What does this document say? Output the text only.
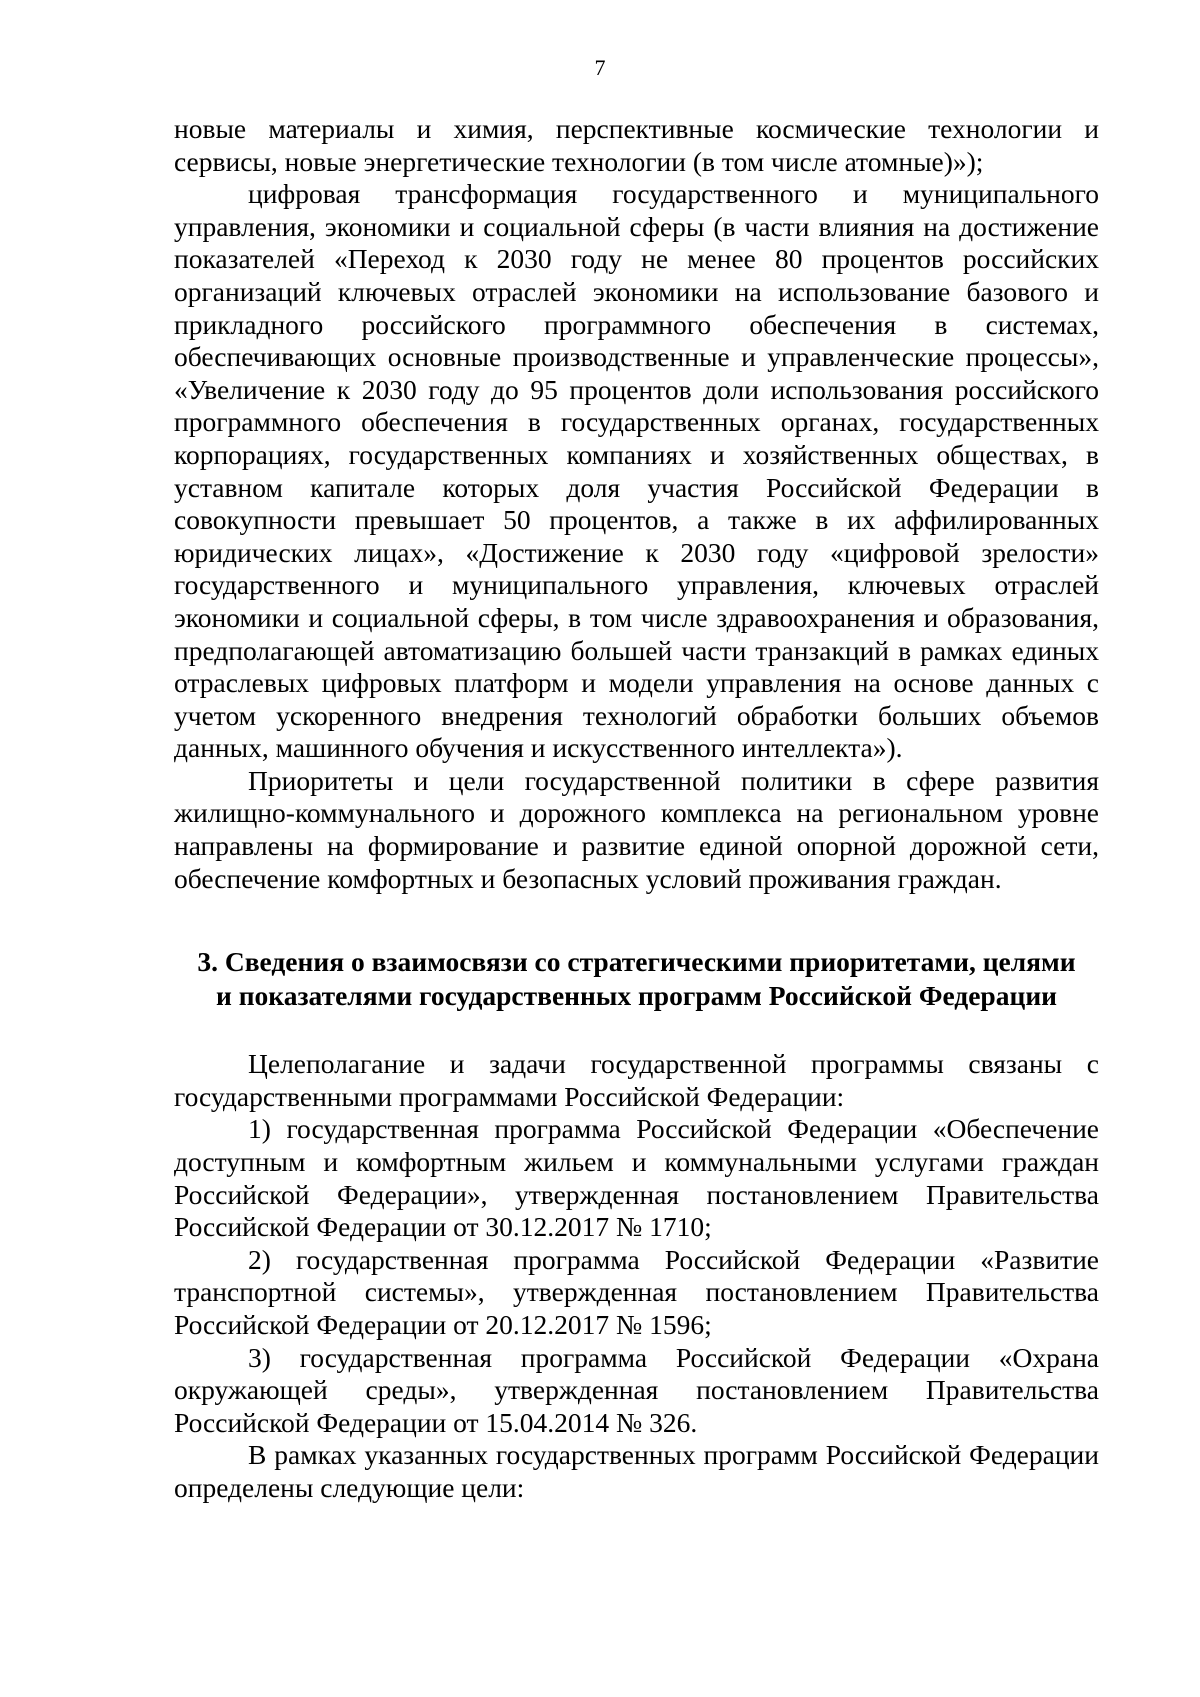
7

новые материалы и химия, перспективные космические технологии и сервисы, новые энергетические технологии (в том числе атомные)»);

цифровая трансформация государственного и муниципального управления, экономики и социальной сферы (в части влияния на достижение показателей «Переход к 2030 году не менее 80 процентов российских организаций ключевых отраслей экономики на использование базового и прикладного российского программного обеспечения в системах, обеспечивающих основные производственные и управленческие процессы», «Увеличение к 2030 году до 95 процентов доли использования российского программного обеспечения в государственных органах, государственных корпорациях, государственных компаниях и хозяйственных обществах, в уставном капитале которых доля участия Российской Федерации в совокупности превышает 50 процентов, а также в их аффилированных юридических лицах», «Достижение к 2030 году «цифровой зрелости» государственного и муниципального управления, ключевых отраслей экономики и социальной сферы, в том числе здравоохранения и образования, предполагающей автоматизацию большей части транзакций в рамках единых отраслевых цифровых платформ и модели управления на основе данных с учетом ускоренного внедрения технологий обработки больших объемов данных, машинного обучения и искусственного интеллекта»).

Приоритеты и цели государственной политики в сфере развития жилищно-коммунального и дорожного комплекса на региональном уровне направлены на формирование и развитие единой опорной дорожной сети, обеспечение комфортных и безопасных условий проживания граждан.

3. Сведения о взаимосвязи со стратегическими приоритетами, целями
и показателями государственных программ Российской Федерации

Целеполагание и задачи государственной программы связаны с государственными программами Российской Федерации:

1) государственная программа Российской Федерации «Обеспечение доступным и комфортным жильем и коммунальными услугами граждан Российской Федерации», утвержденная постановлением Правительства Российской Федерации от 30.12.2017 № 1710;

2) государственная программа Российской Федерации «Развитие транспортной системы», утвержденная постановлением Правительства Российской Федерации от 20.12.2017 № 1596;

3) государственная программа Российской Федерации «Охрана окружающей среды», утвержденная постановлением Правительства Российской Федерации от 15.04.2014 № 326.

В рамках указанных государственных программ Российской Федерации определены следующие цели:
